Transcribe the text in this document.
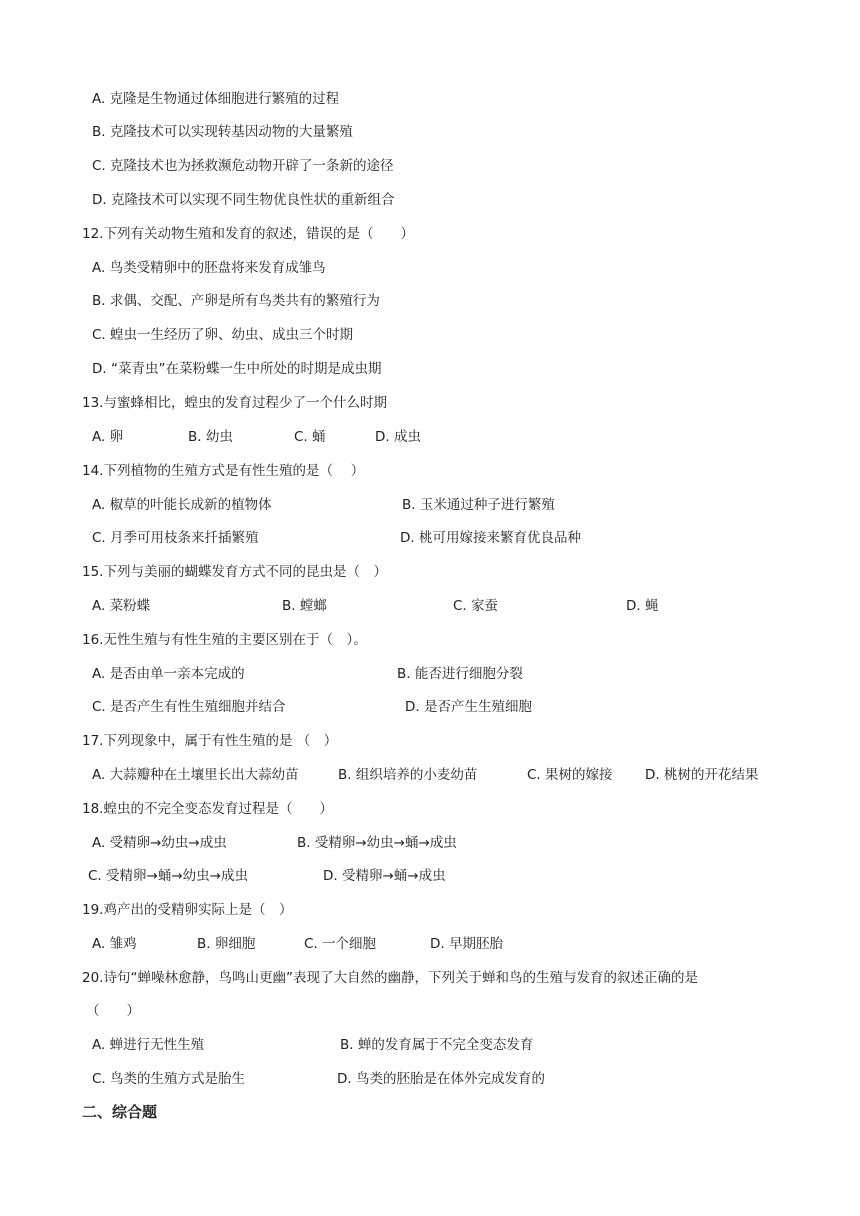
A. 克隆是生物通过体细胞进行繁殖的过程
B. 克隆技术可以实现转基因动物的大量繁殖
C. 克隆技术也为拯救濒危动物开辟了一条新的途径
D. 克隆技术可以实现不同生物优良性状的重新组合
12.下列有关动物生殖和发育的叙述，错误的是（　　）
A. 鸟类受精卵中的胚盘将来发育成雏鸟
B. 求偶、交配、产卵是所有鸟类共有的繁殖行为
C. 蝗虫一生经历了卵、幼虫、成虫三个时期
D. “菜青虫”在菜粉蝶一生中所处的时期是成虫期
13.与蜜蜂相比，蝗虫的发育过程少了一个什么时期
A. 卵	B. 幼虫	C. 蛹	D. 成虫
14.下列植物的生殖方式是有性生殖的是（　 ）
A. 椒草的叶能长成新的植物体	B. 玉米通过种子进行繁殖
C. 月季可用枝条来扦插繁殖	D. 桃可用嫁接来繁育优良品种
15.下列与美丽的蝴蝶发育方式不同的昆虫是（　）
A. 菜粉蝶	B. 螳螂	C. 家蚕	D. 蝇
16.无性生殖与有性生殖的主要区别在于（　）。
A. 是否由单一亲本完成的	B. 能否进行细胞分裂
C. 是否产生有性生殖细胞并结合	D. 是否产生生殖细胞
17.下列现象中，属于有性生殖的是 （　）
A. 大蒜瓣种在土壤里长出大蒜幼苗	B. 组织培养的小麦幼苗	C. 果树的嫁接 D. 桃树的开花结果
18.蝗虫的不完全变态发育过程是（　　）
A. 受精卵→幼虫→成虫	B. 受精卵→幼虫→蛹→成虫
C. 受精卵→蛹→幼虫→成虫	D. 受精卵→蛹→成虫
19.鸡产出的受精卵实际上是（　）
A. 雏鸡	B. 卵细胞	C. 一个细胞	D. 早期胚胎
20.诗句“蝉噪林愈静，鸟鸣山更幽”表现了大自然的幽静，下列关于蝉和鸟的生殖与发育的叙述正确的是
（　　）
A. 蝉进行无性生殖	B. 蝉的发育属于不完全变态发育
C. 鸟类的生殖方式是胎生	D. 鸟类的胚胎是在体外完成发育的
二、综合题
